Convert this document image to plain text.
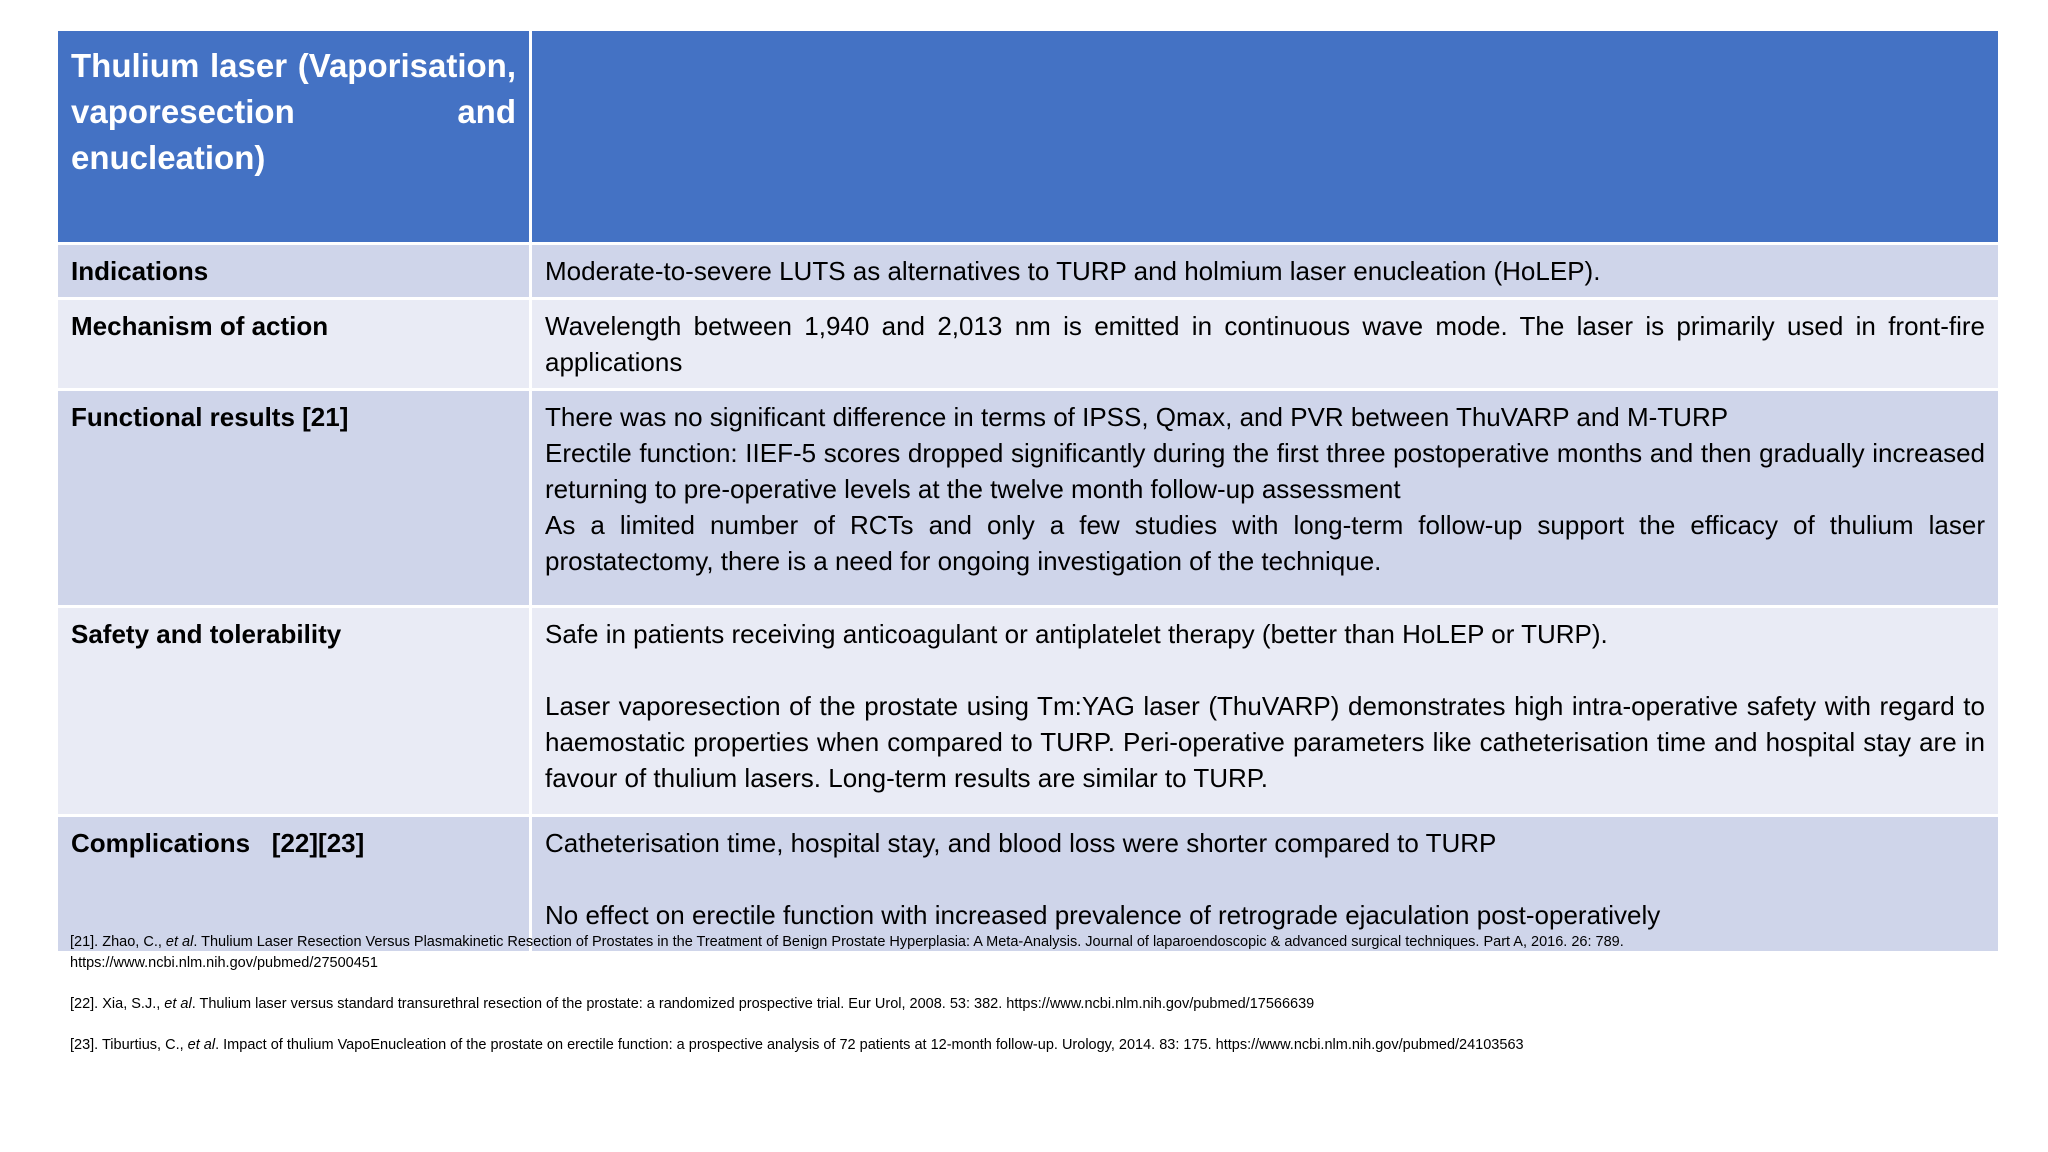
Thulium laser (Vaporisation, vaporesection and enucleation)	
Indications	Moderate-to-severe LUTS as alternatives to TURP and holmium laser enucleation (HoLEP).

Mechanism of action	Wavelength between 1,940 and 2,013 nm is emitted in continuous wave mode. The laser is primarily used in front-fire applications

Functional results [21]	There was no significant difference in terms of IPSS, Qmax, and PVR between ThuVARP and M-TURP

Erectile function: IIEF-5 scores dropped significantly during the first three postoperative months and then gradually increased returning to pre-operative levels at the twelve month follow-up assessment

As a limited number of RCTs and only a few studies with long-term follow-up support the efficacy of thulium laser prostatectomy, there is a need for ongoing investigation of the technique.

Safety and tolerability	Safe in patients receiving anticoagulant or antiplatelet therapy (better than HoLEP or TURP).

Laser vaporesection of the prostate using Tm:YAG laser (ThuVARP) demonstrates high intra-operative safety with regard to haemostatic properties when compared to TURP. Peri-operative parameters like catheterisation time and hospital stay are in favour of thulium lasers. Long-term results are similar to TURP.

Complications   [22][23]	Catheterisation time, hospital stay, and blood loss were shorter compared to TURP

No effect on erectile function with increased prevalence of retrograde ejaculation post-operatively

[21]. Zhao, C., et al. Thulium Laser Resection Versus Plasmakinetic Resection of Prostates in the Treatment of Benign Prostate Hyperplasia: A Meta-Analysis. Journal of laparoendoscopic & advanced surgical techniques. Part A, 2016. 26: 789.
https://www.ncbi.nlm.nih.gov/pubmed/27500451
[22]. Xia, S.J., et al. Thulium laser versus standard transurethral resection of the prostate: a randomized prospective trial. Eur Urol, 2008. 53: 382. https://www.ncbi.nlm.nih.gov/pubmed/17566639
[23]. Tiburtius, C., et al. Impact of thulium VapoEnucleation of the prostate on erectile function: a prospective analysis of 72 patients at 12-month follow-up. Urology, 2014. 83: 175. https://www.ncbi.nlm.nih.gov/pubmed/24103563
